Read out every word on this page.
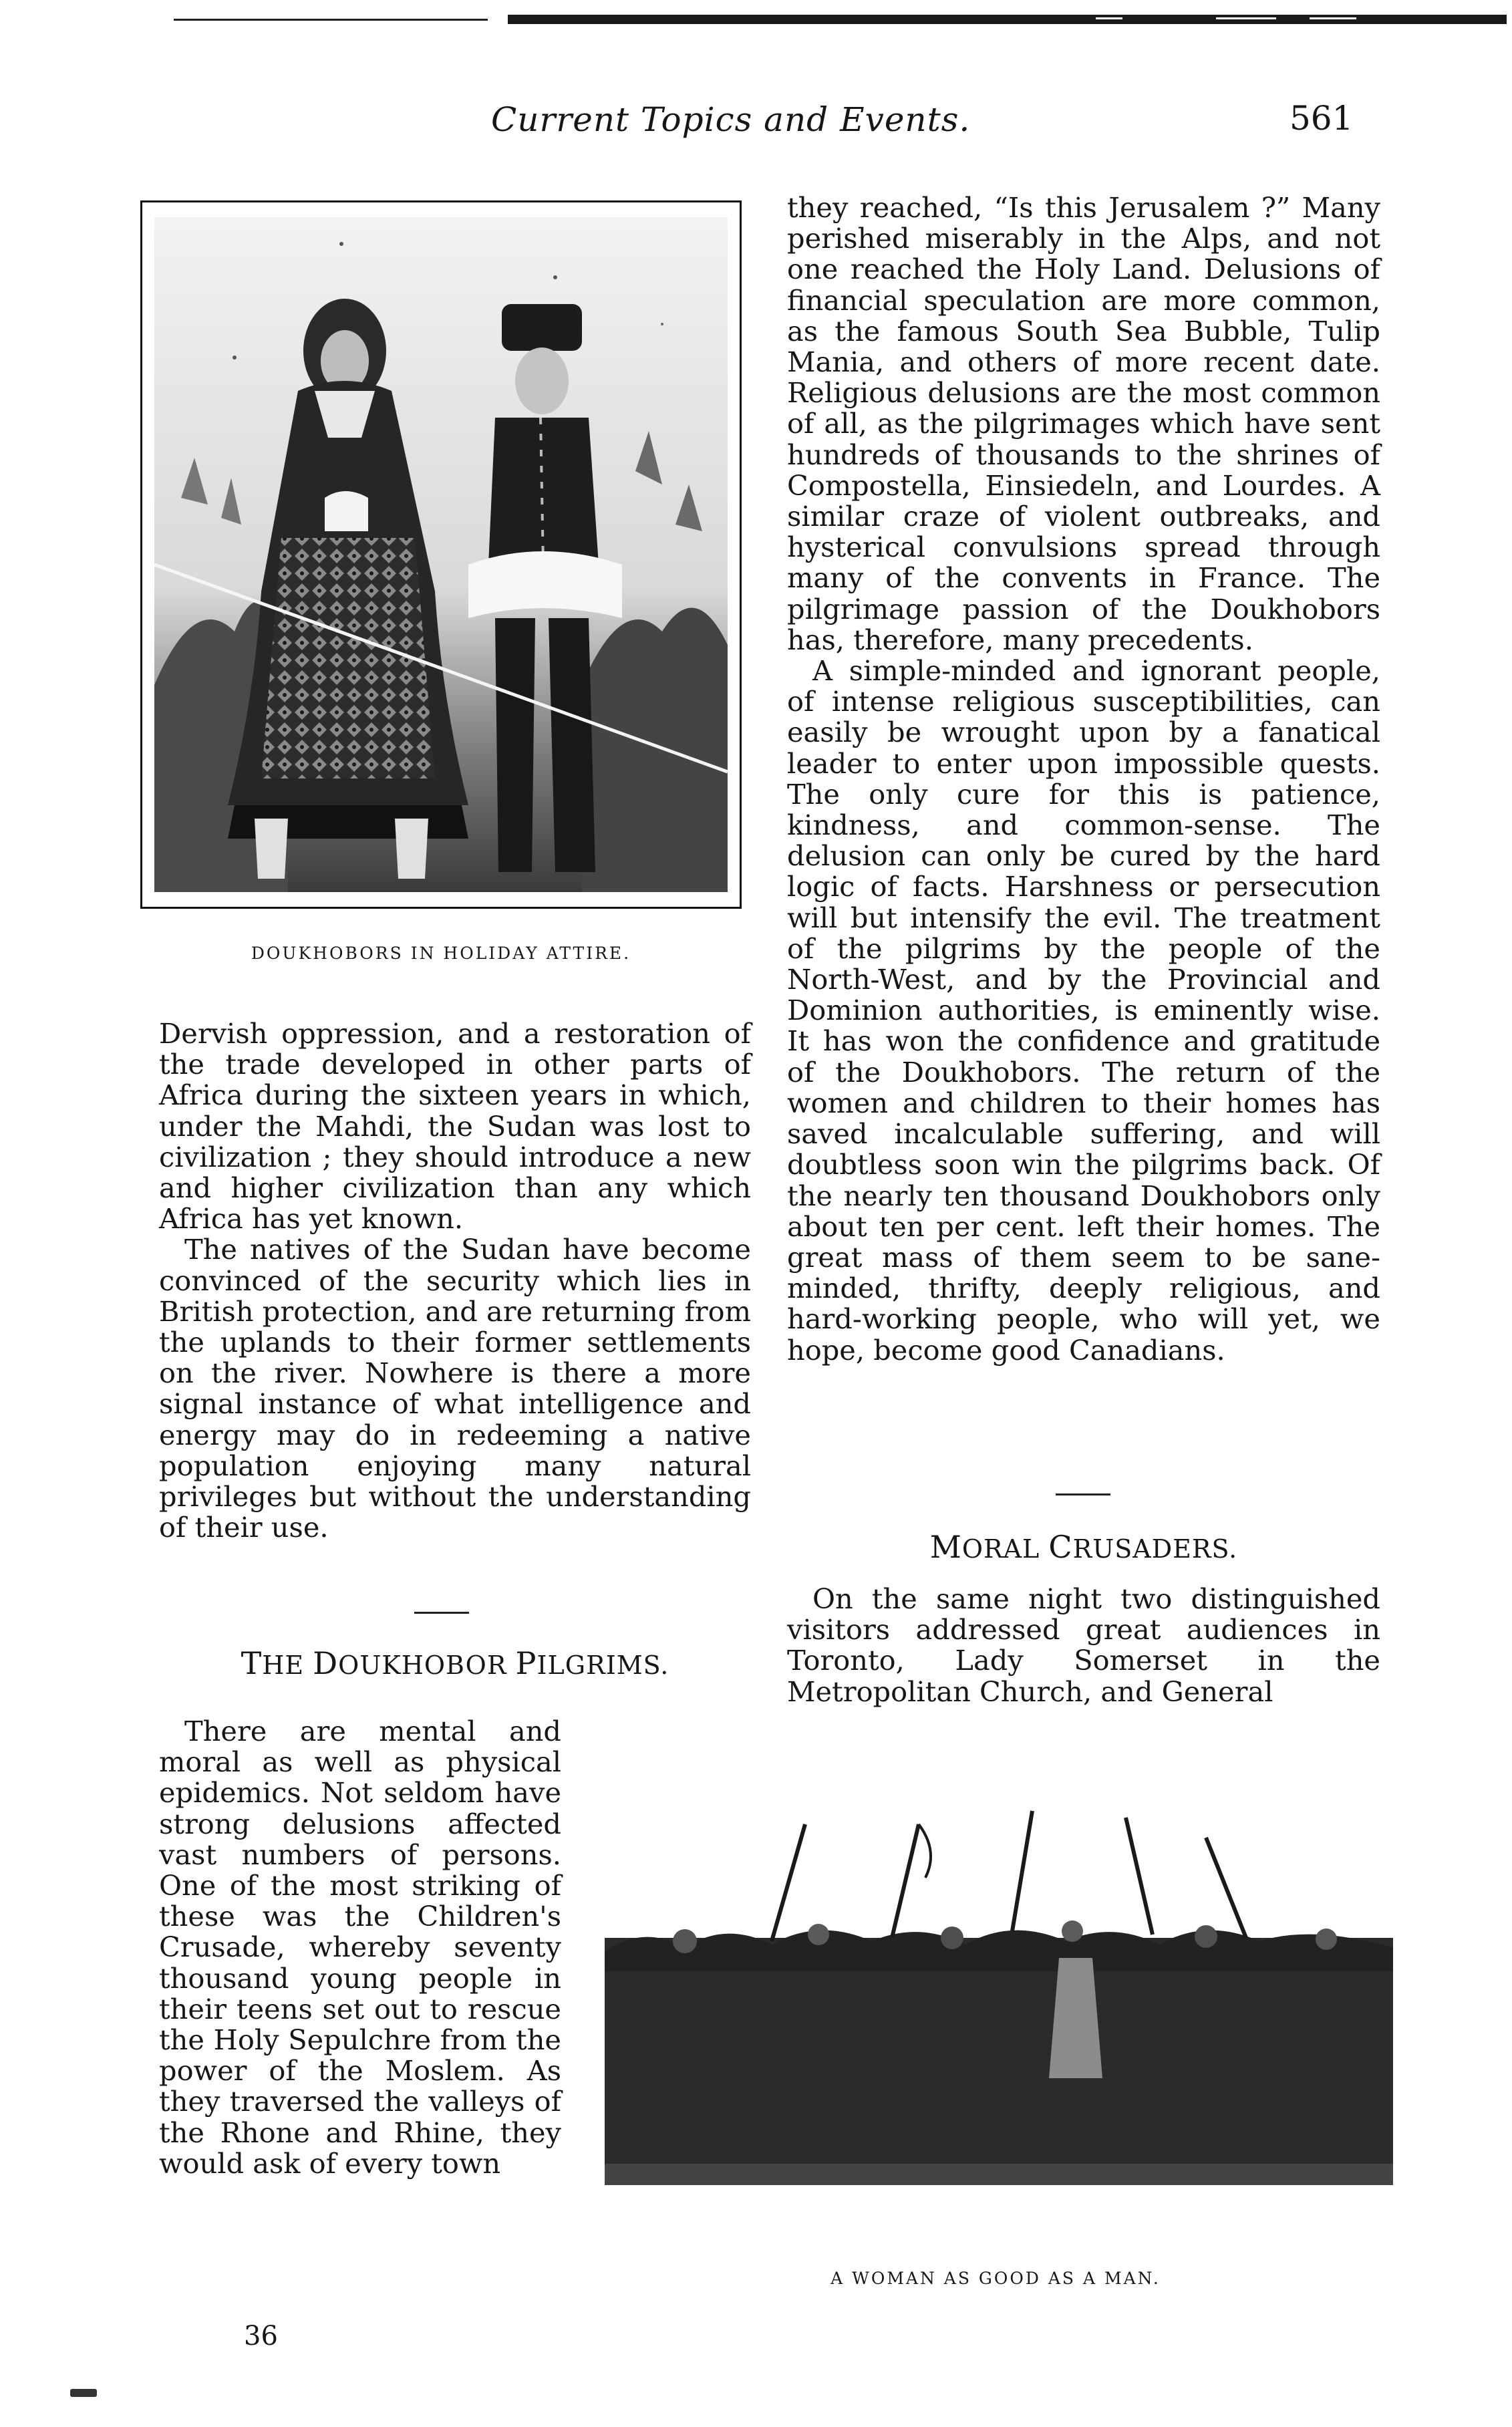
Current Topics and Events.	561
DOUKHOBORS IN HOLIDAY ATTIRE.

Dervish oppression, and a restoration of the trade developed in other parts of Africa during the sixteen years in which, under the Mahdi, the Sudan was lost to civilization ; they should introduce a new and higher civilization than any which Africa has yet known.

The natives of the Sudan have become convinced of the security which lies in British protection, and are returning from the uplands to their former settlements on the river. Nowhere is there a more signal instance of what intelligence and energy may do in redeeming a native population enjoying many natural privileges but without the understanding of their use.

THE DOUKHOBOR PILGRIMS.

There are mental and moral as well as physical epidemics. Not seldom have strong delusions affected vast numbers of persons. One of the most striking of these was the Children's Crusade, whereby seventy thousand young people in their teens set out to rescue the Holy Sepulchre from the power of the Moslem. As they traversed the valleys of the Rhone and Rhine, they would ask of every town

36

they reached, “Is this Jerusalem ?” Many perished miserably in the Alps, and not one reached the Holy Land. Delusions of financial speculation are more common, as the famous South Sea Bubble, Tulip Mania, and others of more recent date. Religious delusions are the most common of all, as the pilgrimages which have sent hundreds of thousands to the shrines of Compostella, Einsiedeln, and Lourdes. A similar craze of violent outbreaks, and hysterical convulsions spread through many of the convents in France. The pilgrimage passion of the Doukhobors has, therefore, many precedents.

A simple-minded and ignorant people, of intense religious susceptibilities, can easily be wrought upon by a fanatical leader to enter upon impossible quests. The only cure for this is patience, kindness, and common-sense. The delusion can only be cured by the hard logic of facts. Harshness or persecution will but intensify the evil. The treatment of the pilgrims by the people of the North-West, and by the Provincial and Dominion authorities, is eminently wise. It has won the confidence and gratitude of the Doukhobors. The return of the women and children to their homes has saved incalculable suffering, and will doubtless soon win the pilgrims back. Of the nearly ten thousand Doukhobors only about ten per cent. left their homes. The great mass of them seem to be sane-minded, thrifty, deeply religious, and hard-working people, who will yet, we hope, become good Canadians.

MORAL CRUSADERS.

On the same night two distinguished visitors addressed great audiences in Toronto, Lady Somerset in the Metropolitan Church, and General

A WOMAN AS GOOD AS A MAN.
